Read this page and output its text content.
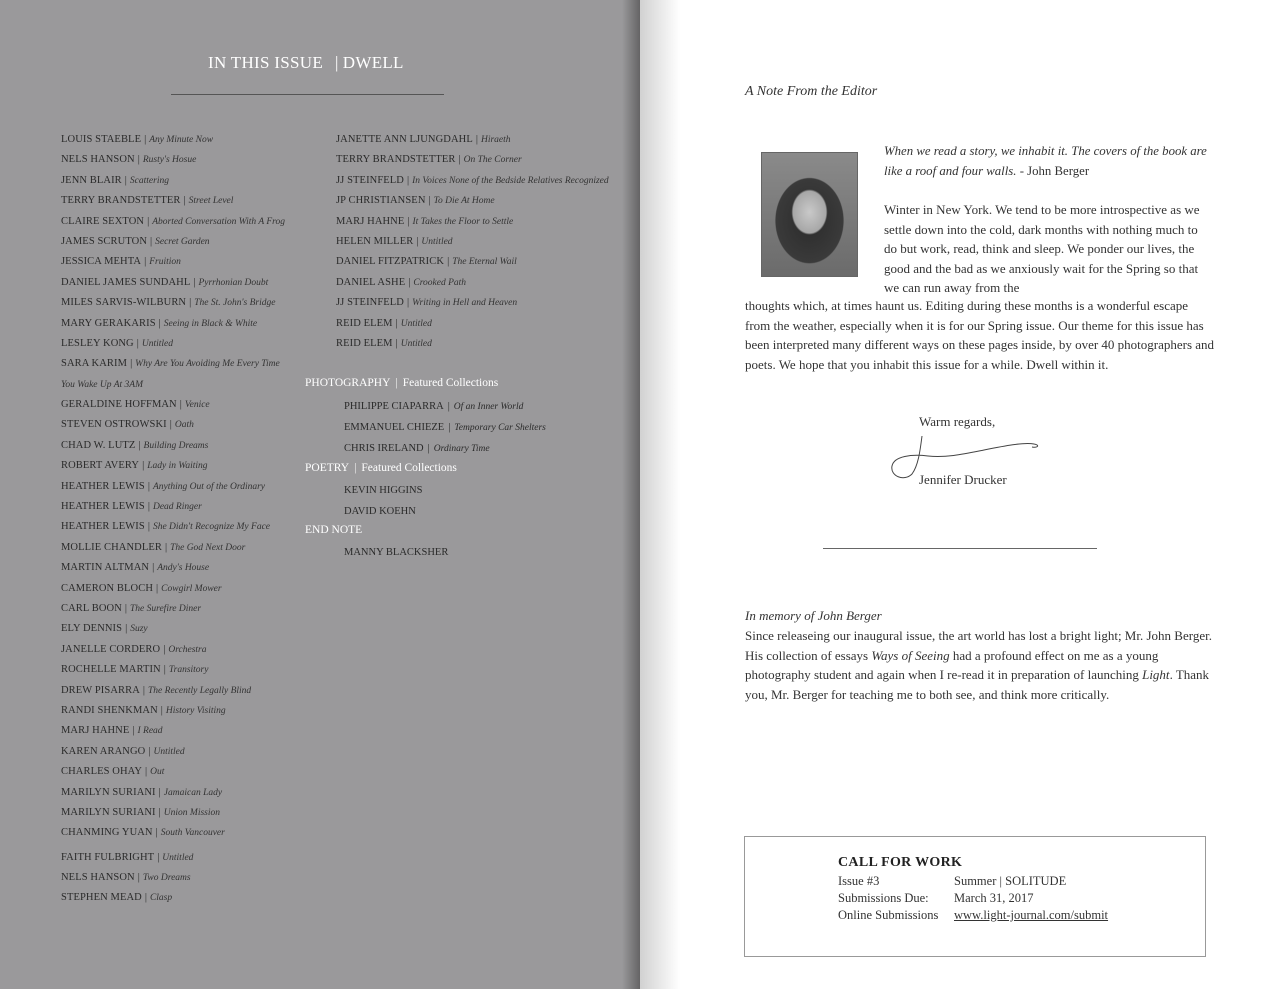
IN THIS ISSUE | DWELL
LOUIS STAEBLE | Any Minute Now
NELS HANSON | Rusty's Hosue
JENN BLAIR | Scattering
TERRY BRANDSTETTER | Street Level
CLAIRE SEXTON | Aborted Conversation With A Frog
JAMES SCRUTON | Secret Garden
JESSICA MEHTA | Fruition
DANIEL JAMES SUNDAHL | Pyrrhonian Doubt
MILES SARVIS-WILBURN | The St. John's Bridge
MARY GERAKARIS | Seeing in Black & White
LESLEY KONG | Untitled
SARA KARIM | Why Are You Avoiding Me Every Time
You Wake Up At 3AM
GERALDINE HOFFMAN | Venice
STEVEN OSTROWSKI | Oath
CHAD W. LUTZ | Building Dreams
ROBERT AVERY | Lady in Waiting
HEATHER LEWIS | Anything Out of the Ordinary
HEATHER LEWIS | Dead Ringer
HEATHER LEWIS | She Didn't Recognize My Face
MOLLIE CHANDLER | The God Next Door
MARTIN ALTMAN | Andy's House
CAMERON BLOCH | Cowgirl Mower
CARL BOON | The Surefire Diner
ELY DENNIS | Suzy
JANELLE CORDERO | Orchestra
ROCHELLE MARTIN | Transitory
DREW PISARRA | The Recently Legally Blind
RANDI SHENKMAN | History Visiting
MARJ HAHNE | I Read
KAREN ARANGO | Untitled
CHARLES OHAY | Out
MARILYN SURIANI | Jamaican Lady
MARILYN SURIANI | Union Mission
CHANMING YUAN | South Vancouver
FAITH FULBRIGHT | Untitled
NELS HANSON | Two Dreams
STEPHEN MEAD | Clasp
JANETTE ANN LJUNGDAHL | Hiraeth
TERRY BRANDSTETTER | On The Corner
JJ STEINFELD | In Voices None of the Bedside Relatives Recognized
JP CHRISTIANSEN | To Die At Home
MARJ HAHNE | It Takes the Floor to Settle
HELEN MILLER | Untitled
DANIEL FITZPATRICK | The Eternal Wail
DANIEL ASHE | Crooked Path
JJ STEINFELD | Writing in Hell and Heaven
REID ELEM | Untitled
REID ELEM | Untitled
PHOTOGRAPHY | Featured Collections
PHILIPPE CIAPARRA | Of an Inner World
EMMANUEL CHIEZE | Temporary Car Shelters
CHRIS IRELAND | Ordinary Time
POETRY | Featured Collections
KEVIN HIGGINS
DAVID KOEHN
END NOTE
MANNY BLACKSHER
A Note From the Editor
When we read a story, we inhabit it. The covers of the book are like a roof and four walls. - John Berger
Winter in New York. We tend to be more introspective as we settle down into the cold, dark months with nothing much to do but work, read, think and sleep. We ponder our lives, the good and the bad as we anxiously wait for the Spring so that we can run away from the
thoughts which, at times haunt us. Editing during these months is a wonderful escape from the weather, especially when it is for our Spring issue. Our theme for this issue has been interpreted many different ways on these pages inside, by over 40 photographers and poets. We hope that you inhabit this issue for a while. Dwell within it.
Warm regards,
Jennifer Drucker
In memory of John Berger
Since releaseing our inaugural issue, the art world has lost a bright light; Mr. John Berger. His collection of essays Ways of Seeing had a profound effect on me as a young photography student and again when I re-read it in preparation of launching Light. Thank you, Mr. Berger for teaching me to both see, and think more critically.
CALL FOR WORK
Issue #3	Summer | SOLITUDE
Submissions Due:	March 31, 2017
Online Submissions	www.light-journal.com/submit
